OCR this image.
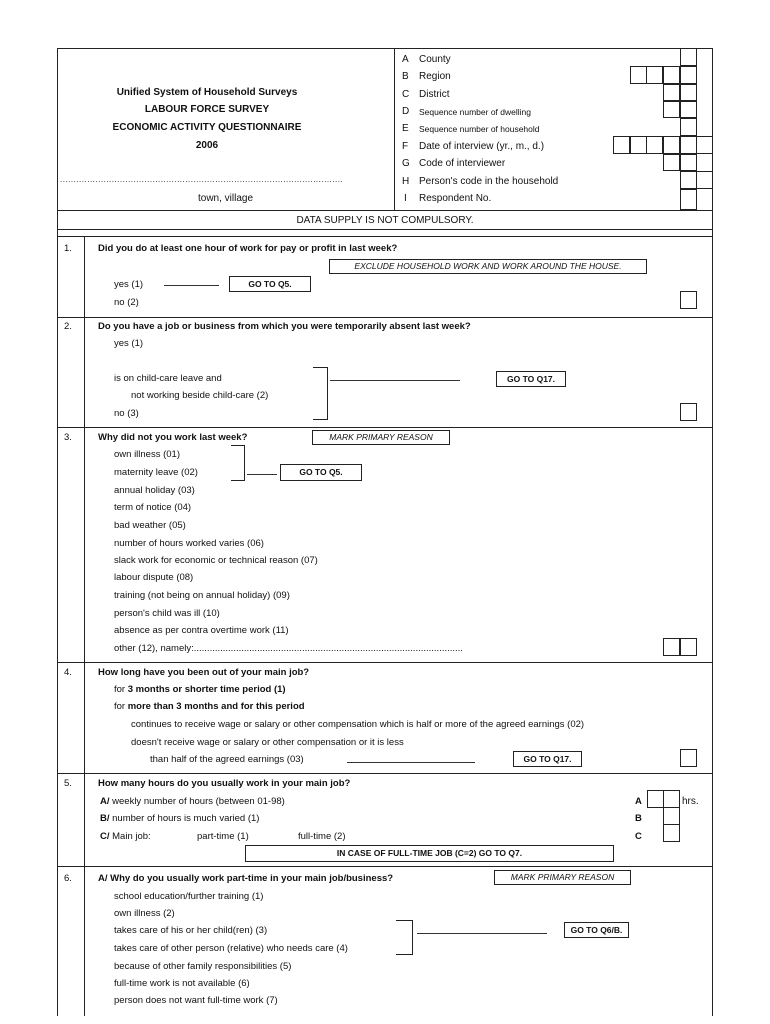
Unified System of Household Surveys
LABOUR FORCE SURVEY
ECONOMIC ACTIVITY QUESTIONNAIRE
2006
........................................................................................................
town, village
A County
B Region
C District
D Sequence number of dwelling
E Sequence number of household
F Date of interview (yr., m., d.)
G Code of interviewer
H Person's code in the household
I Respondent No.
DATA SUPPLY IS NOT COMPULSORY.
1.	Did you do at least one hour of work for pay or profit in last week?
EXCLUDE HOUSEHOLD WORK AND WORK AROUND THE HOUSE.
yes (1)	GO TO Q5.
no (2)
2.	Do you have a job or business from which you were temporarily absent last week?
yes (1)
is on child-care leave and
not working beside child-care (2)
no (3)
GO TO Q17.
3.	Why did not you work last week?	MARK PRIMARY REASON
own illness (01)
maternity leave (02)
annual holiday (03)
term of notice (04)
bad weather (05)
number of hours worked varies (06)
slack work for economic or technical reason (07)
labour dispute (08)
training (not being on annual holiday) (09)
person's child was ill (10)
absence as per contra overtime work (11)
other (12), namely:......................................................................................................
GO TO Q5.
4.	How long have you been out of your main job?
for 3 months or shorter time period (1)
for more than 3 months and for this period
continues to receive wage or salary or other compensation which is half or more of the agreed earnings (02)
doesn't receive wage or salary or other compensation or it is less
than half of the agreed earnings (03)	GO TO Q17.
5.	How many hours do you usually work in your main job?
A/ weekly number of hours (between 01-98)
B/ number of hours is much varied (1)
C/ Main job:	part-time (1)	full-time (2)
IN CASE OF FULL-TIME JOB (C=2) GO TO Q7.
A
B
C
hrs.
6.	A/ Why do you usually work part-time in your main job/business?	MARK PRIMARY REASON
school education/further training (1)
own illness (2)
takes care of his or her child(ren) (3)
takes care of other person (relative) who needs care (4)
because of other family responsibilities (5)
full-time work is not available (6)
person does not want full-time work (7)
GO TO Q6/B.
